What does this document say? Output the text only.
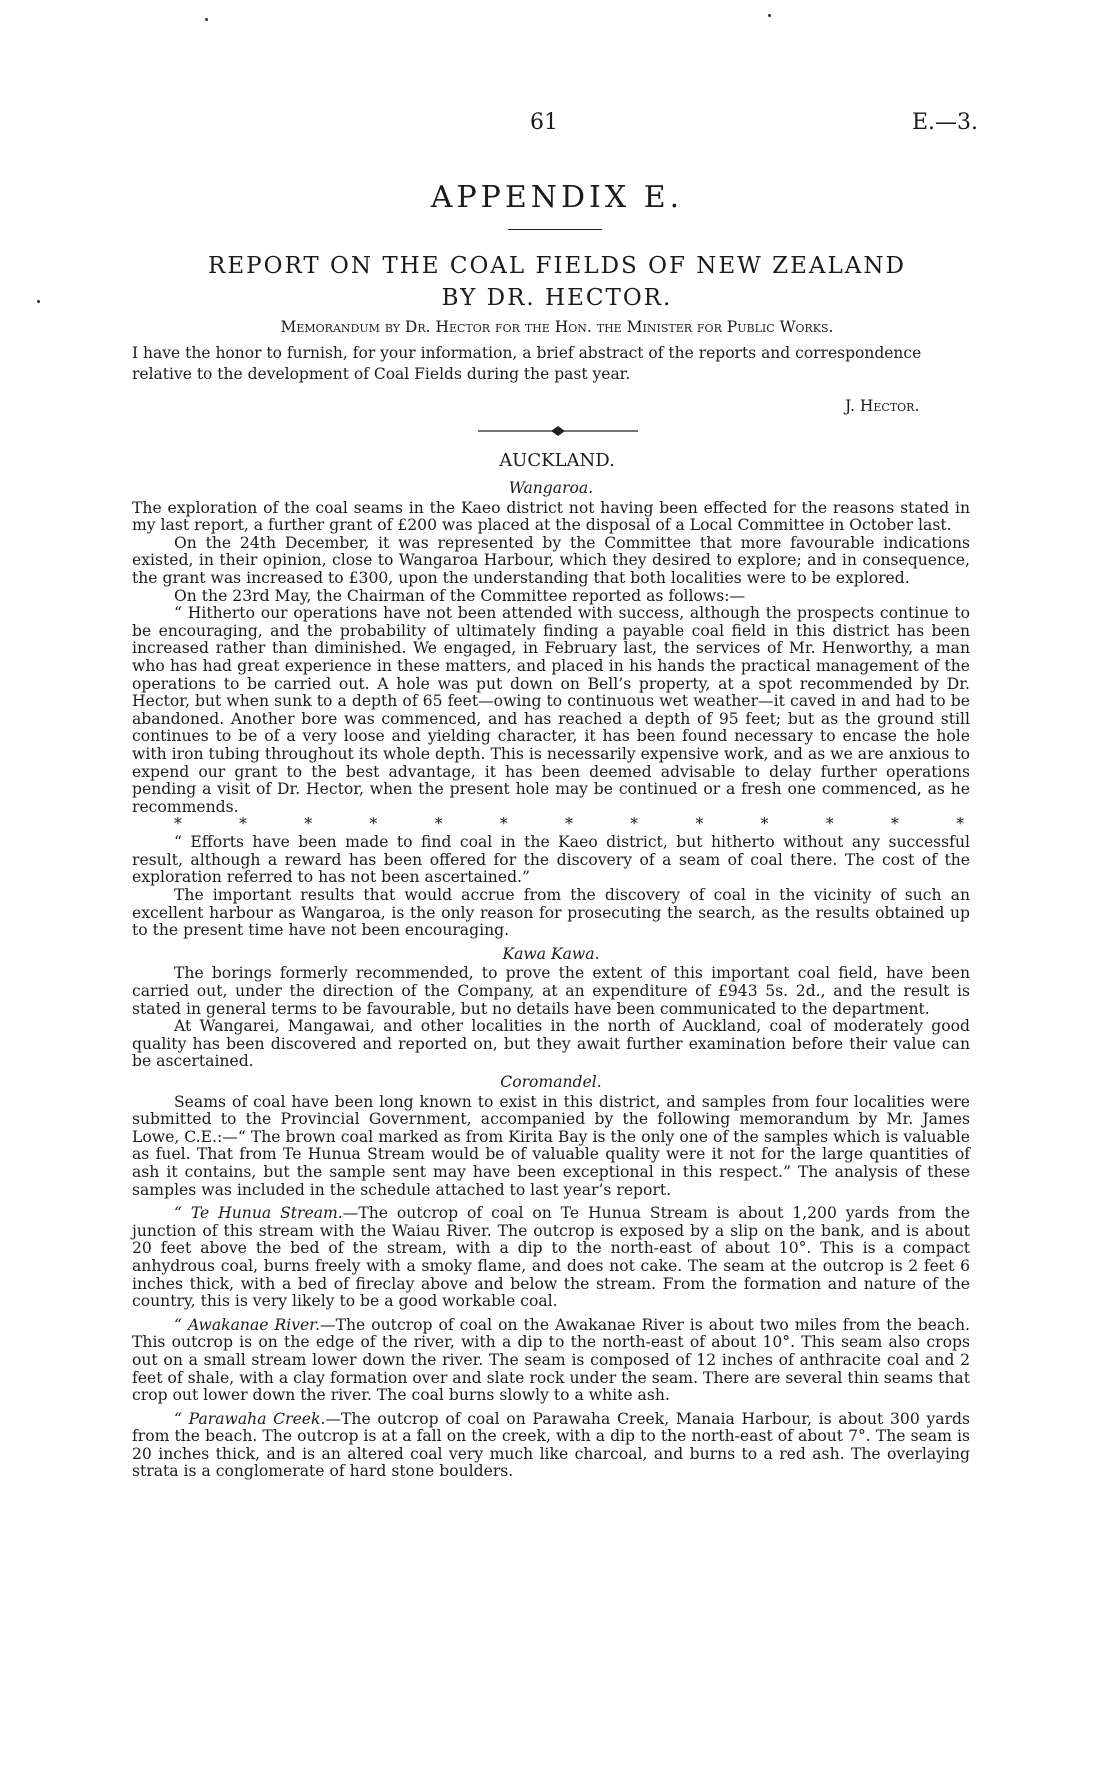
61	E.—3.
APPENDIX E.
REPORT ON THE COAL FIELDS OF NEW ZEALAND
BY DR. HECTOR.
Memorandum by Dr. Hector for the Hon. the Minister for Public Works.
I have the honor to furnish, for your information, a brief abstract of the reports and correspondence relative to the development of Coal Fields during the past year.
J. Hector.
AUCKLAND.

Wangaroa.

The exploration of the coal seams in the Kaeo district not having been effected for the reasons stated in my last report, a further grant of £200 was placed at the disposal of a Local Committee in October last.

On the 24th December, it was represented by the Committee that more favourable indications existed, in their opinion, close to Wangaroa Harbour, which they desired to explore; and in consequence, the grant was increased to £300, upon the understanding that both localities were to be explored.

On the 23rd May, the Chairman of the Committee reported as follows:—

“ Hitherto our operations have not been attended with success, although the prospects continue to be encouraging, and the probability of ultimately finding a payable coal field in this district has been increased rather than diminished. We engaged, in February last, the services of Mr. Henworthy, a man who has had great experience in these matters, and placed in his hands the practical management of the operations to be carried out. A hole was put down on Bell’s property, at a spot recommended by Dr. Hector, but when sunk to a depth of 65 feet—owing to continuous wet weather—it caved in and had to be abandoned. Another bore was commenced, and has reached a depth of 95 feet; but as the ground still continues to be of a very loose and yielding character, it has been found necessary to encase the hole with iron tubing throughout its whole depth. This is necessarily expensive work, and as we are anxious to expend our grant to the best advantage, it has been deemed advisable to delay further operations pending a visit of Dr. Hector, when the present hole may be continued or a fresh one commenced, as he recommends.

* * * * * * * * * * * * *

“ Efforts have been made to find coal in the Kaeo district, but hitherto without any successful result, although a reward has been offered for the discovery of a seam of coal there. The cost of the exploration referred to has not been ascertained.”

The important results that would accrue from the discovery of coal in the vicinity of such an excellent harbour as Wangaroa, is the only reason for prosecuting the search, as the results obtained up to the present time have not been encouraging.

Kawa Kawa.

The borings formerly recommended, to prove the extent of this important coal field, have been carried out, under the direction of the Company, at an expenditure of £943 5s. 2d., and the result is stated in general terms to be favourable, but no details have been communicated to the department.

At Wangarei, Mangawai, and other localities in the north of Auckland, coal of moderately good quality has been discovered and reported on, but they await further examination before their value can be ascertained.

Coromandel.

Seams of coal have been long known to exist in this district, and samples from four localities were submitted to the Provincial Government, accompanied by the following memorandum by Mr. James Lowe, C.E.:—“ The brown coal marked as from Kirita Bay is the only one of the samples which is valuable as fuel. That from Te Hunua Stream would be of valuable quality were it not for the large quantities of ash it contains, but the sample sent may have been exceptional in this respect.” The analysis of these samples was included in the schedule attached to last year’s report.

“ Te Hunua Stream.—The outcrop of coal on Te Hunua Stream is about 1,200 yards from the junction of this stream with the Waiau River. The outcrop is exposed by a slip on the bank, and is about 20 feet above the bed of the stream, with a dip to the north-east of about 10°. This is a compact anhydrous coal, burns freely with a smoky flame, and does not cake. The seam at the outcrop is 2 feet 6 inches thick, with a bed of fireclay above and below the stream. From the formation and nature of the country, this is very likely to be a good workable coal.

“ Awakanae River.—The outcrop of coal on the Awakanae River is about two miles from the beach. This outcrop is on the edge of the river, with a dip to the north-east of about 10°. This seam also crops out on a small stream lower down the river. The seam is composed of 12 inches of anthracite coal and 2 feet of shale, with a clay formation over and slate rock under the seam. There are several thin seams that crop out lower down the river. The coal burns slowly to a white ash.

“ Parawaha Creek.—The outcrop of coal on Parawaha Creek, Manaia Harbour, is about 300 yards from the beach. The outcrop is at a fall on the creek, with a dip to the north-east of about 7°. The seam is 20 inches thick, and is an altered coal very much like charcoal, and burns to a red ash. The overlaying strata is a conglomerate of hard stone boulders.
